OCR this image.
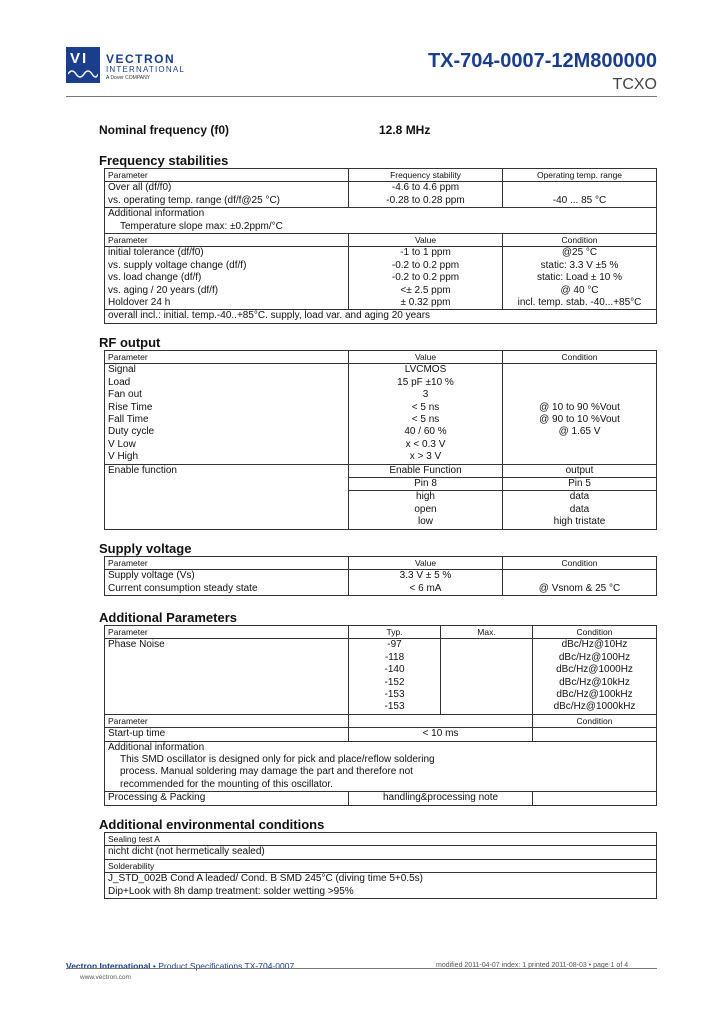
VI VECTRON
INTERNATIONAL
A Dover COMPANY
TX-704-0007-12M800000
TCXO
Nominal frequency (f0)	12.8 MHz
Frequency stabilities
Parameter	Frequency stability	Operating temp. range
Over all (df/f0)	-4.6 to 4.6 ppm	
vs. operating temp. range (df/f@25 °C)	-0.28 to 0.28 ppm	-40 ... 85 °C
Additional information		
Temperature slope max: ±0.2ppm/°C		
Parameter	Value	Condition
initial tolerance (df/f0)	-1 to 1 ppm	@25 °C
vs. supply voltage change (df/f)	-0.2 to 0.2 ppm	static: 3.3 V ±5 %
vs. load change (df/f)	-0.2 to 0.2 ppm	static: Load ± 10 %
vs. aging / 20 years (df/f)	<± 2.5 ppm	@ 40 °C
Holdover 24 h	± 0.32 ppm	incl. temp. stab. -40...+85°C
overall incl.: initial. temp.-40..+85°C. supply, load var. and aging 20 years		
RF output
Parameter	Value	Condition
Signal	LVCMOS	
Load	15 pF ±10 %	
Fan out	3	
Rise Time	< 5 ns	@ 10 to 90 %Vout
Fall Time	< 5 ns	@ 90 to 10 %Vout
Duty cycle	40 / 60 %	@ 1.65 V
V Low	x < 0.3 V	
V High	x > 3 V	
Enable function	Enable Function	output
	Pin 8	Pin 5
	high	data
	open	data
	low	high tristate
Supply voltage
Parameter	Value	Condition
Supply voltage (Vs)	3.3 V ± 5 %	
Current consumption steady state	< 6 mA	@ Vsnom & 25 °C
Additional Parameters
Parameter	Typ.	Max.	Condition
Phase Noise	-97		dBc/Hz@10Hz
	-118		dBc/Hz@100Hz
	-140		dBc/Hz@1000Hz
	-152		dBc/Hz@10kHz
	-153		dBc/Hz@100kHz
	-153		dBc/Hz@1000kHz
Parameter			Condition
Start-up time	< 10 ms		
Additional information			
This SMD oscillator is designed only for pick and place/reflow soldering			
process. Manual soldering may damage the part and therefore not			
recommended for the mounting of this oscillator.			
Processing & Packing	handling&processing note		
Additional environmental conditions
Sealing test A
nicht dicht (not hermetically sealed)
Solderability
J_STD_002B Cond A leaded/ Cond. B SMD 245°C (diving time 5+0.5s)
Dip+Look with 8h damp treatment: solder wetting >95%
Vectron International • Product Specifications TX-704-0007	modified 2011-04-07 index: 1 printed 2011-08-03 • page 1 of 4
www.vectron.com
